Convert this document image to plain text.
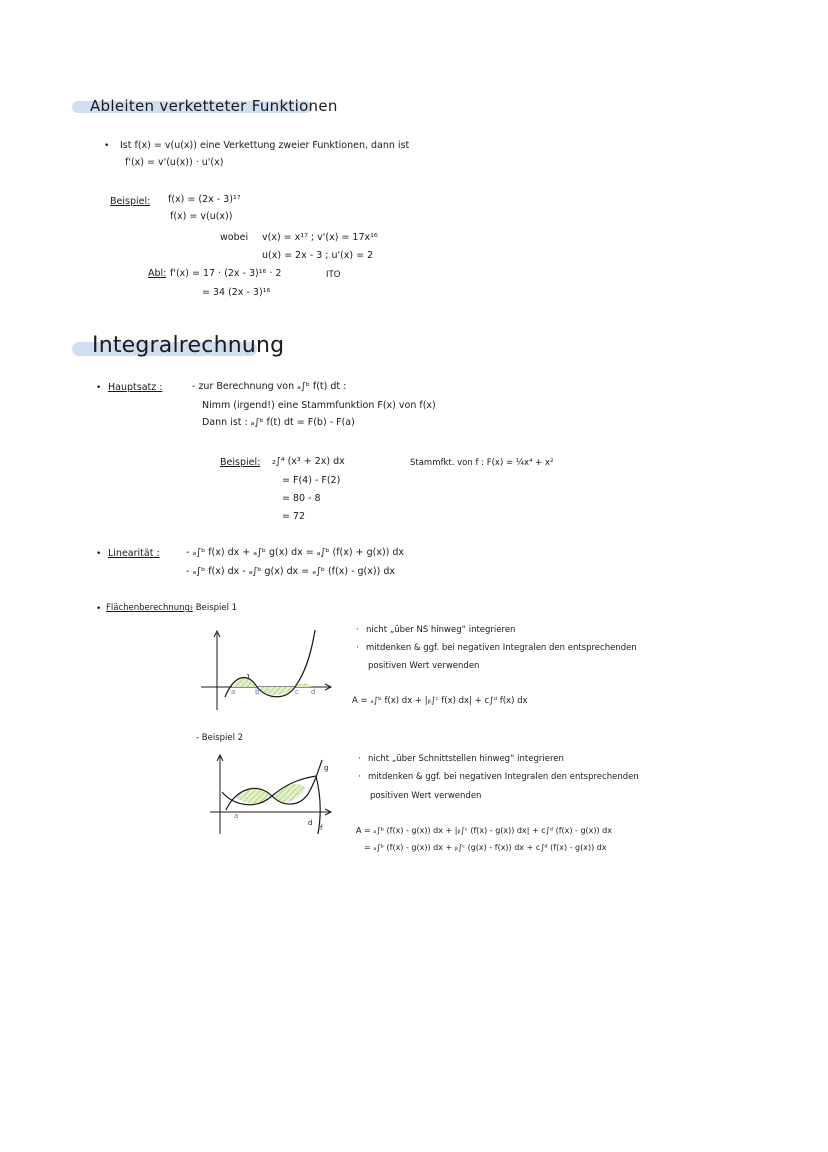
Ableiten verketteter Funktionen
• Ist f(x) = v(u(x)) eine Verkettung zweier Funktionen, dann ist
f'(x) = v'(u(x)) · u'(x)
Beispiel: f(x) = (2x - 3)¹⁷
f(x) = v(u(x))
wobei v(x) = x¹⁷ ; v'(x) = 17x¹⁶
u(x) = 2x - 3 ; u'(x) = 2
Abl: f'(x) = 17 · (2x - 3)¹⁶ · 2	ITO
= 34 (2x - 3)¹⁶
Integralrechnung
• Hauptsatz :	- zur Berechnung von ₐ∫ᵇ f(t) dt :
Nimm (irgend!) eine Stammfunktion F(x) von f(x)
Dann ist : ₐ∫ᵇ f(t) dt = F(b) - F(a)
Beispiel: ₂∫⁴ (x³ + 2x) dx
= F(4) - F(2)
= 80 - 8
= 72
Stammfkt. von f : F(x) = ¼x⁴ + x²
• Linearität :	- ₐ∫ᵇ f(x) dx + ₐ∫ᵇ g(x) dx = ₐ∫ᵇ (f(x) + g(x)) dx
- ₐ∫ᵇ f(x) dx - ₐ∫ᵇ g(x) dx = ₐ∫ᵇ (f(x) - g(x)) dx
• Flächenberechnung:
- Beispiel 1
a	b	c d
1
· nicht „über NS hinweg“ integrieren
· mitdenken & ggf. bei negativen Integralen den entsprechenden
positiven Wert verwenden
A = ₐ∫ᵇ f(x) dx + |ᵦ∫ᶜ f(x) dx| + c∫ᵈ f(x) dx
- Beispiel 2
a
d
f
g
· nicht „über Schnittstellen hinweg“ integrieren
· mitdenken & ggf. bei negativen Integralen den entsprechenden
positiven Wert verwenden
A = ₐ∫ᵇ (f(x) - g(x)) dx + |ᵦ∫ᶜ (f(x) - g(x)) dx| + c∫ᵈ (f(x) - g(x)) dx
= ₐ∫ᵇ (f(x) - g(x)) dx + ᵦ∫ᶜ (g(x) - f(x)) dx + c∫ᵈ (f(x) - g(x)) dx
